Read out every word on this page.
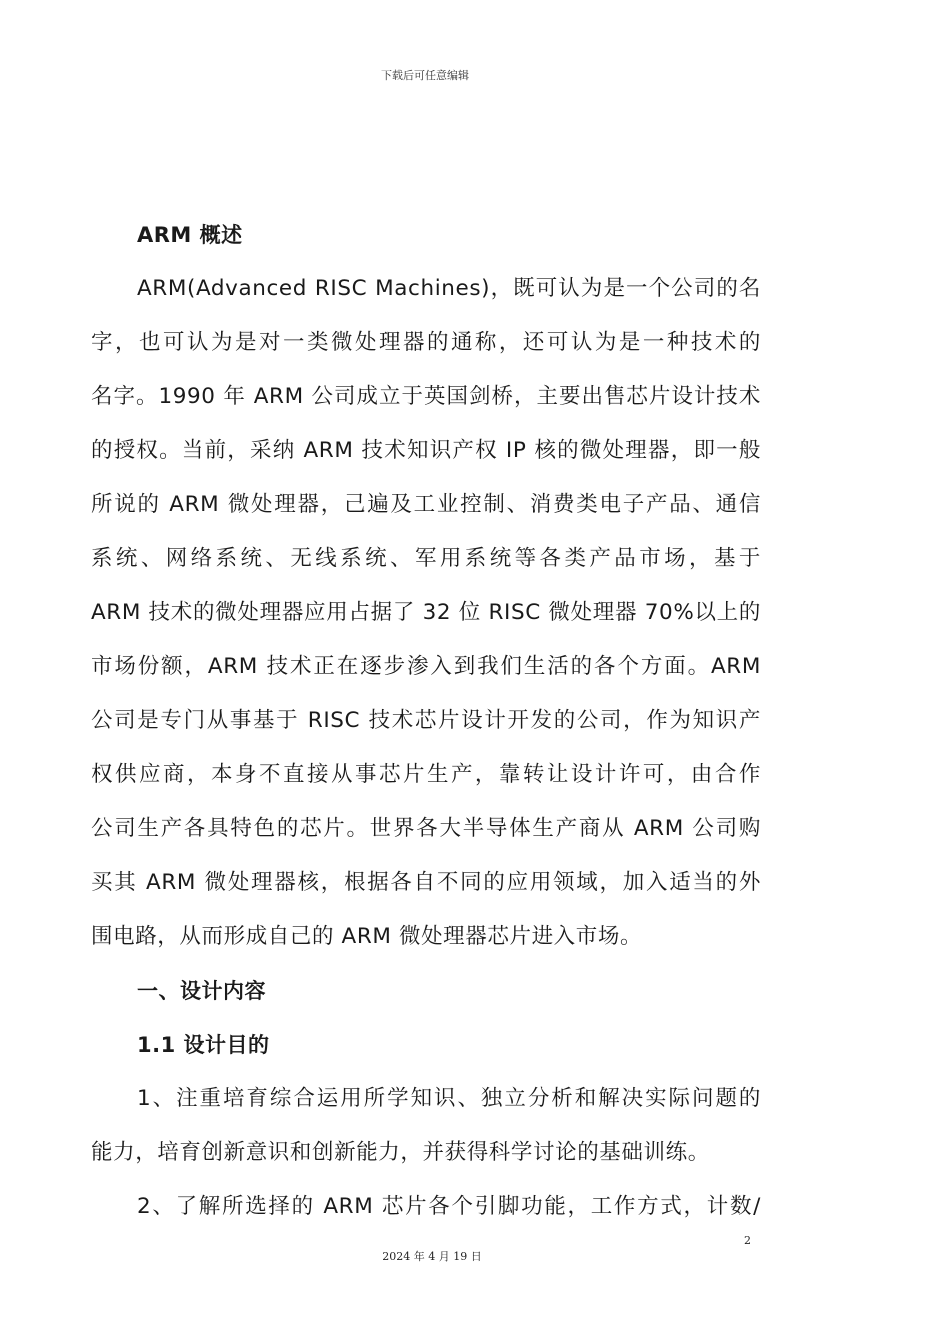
下载后可任意编辑
ARM 概述
ARM(Advanced RISC Machines)，既可认为是一个公司的名
字，也可认为是对一类微处理器的通称，还可认为是一种技术的
名字。1990 年 ARM 公司成立于英国剑桥，主要出售芯片设计技术
的授权。当前，采纳 ARM 技术知识产权 IP 核的微处理器，即一般
所说的 ARM 微处理器，己遍及工业控制、消费类电子产品、通信
系统、网络系统、无线系统、军用系统等各类产品市场，基于
ARM 技术的微处理器应用占据了 32 位 RISC 微处理器 70%以上的
市场份额，ARM 技术正在逐步渗入到我们生活的各个方面。ARM
公司是专门从事基于 RISC 技术芯片设计开发的公司，作为知识产
权供应商，本身不直接从事芯片生产，靠转让设计许可，由合作
公司生产各具特色的芯片。世界各大半导体生产商从 ARM 公司购
买其 ARM 微处理器核，根据各自不同的应用领域，加入适当的外
围电路，从而形成自己的 ARM 微处理器芯片进入市场。
一、设计内容
1.1 设计目的
1、注重培育综合运用所学知识、独立分析和解决实际问题的
能力，培育创新意识和创新能力，并获得科学讨论的基础训练。
2、了解所选择的 ARM 芯片各个引脚功能，工作方式，计数/
2
2024 年 4 月 19 日
